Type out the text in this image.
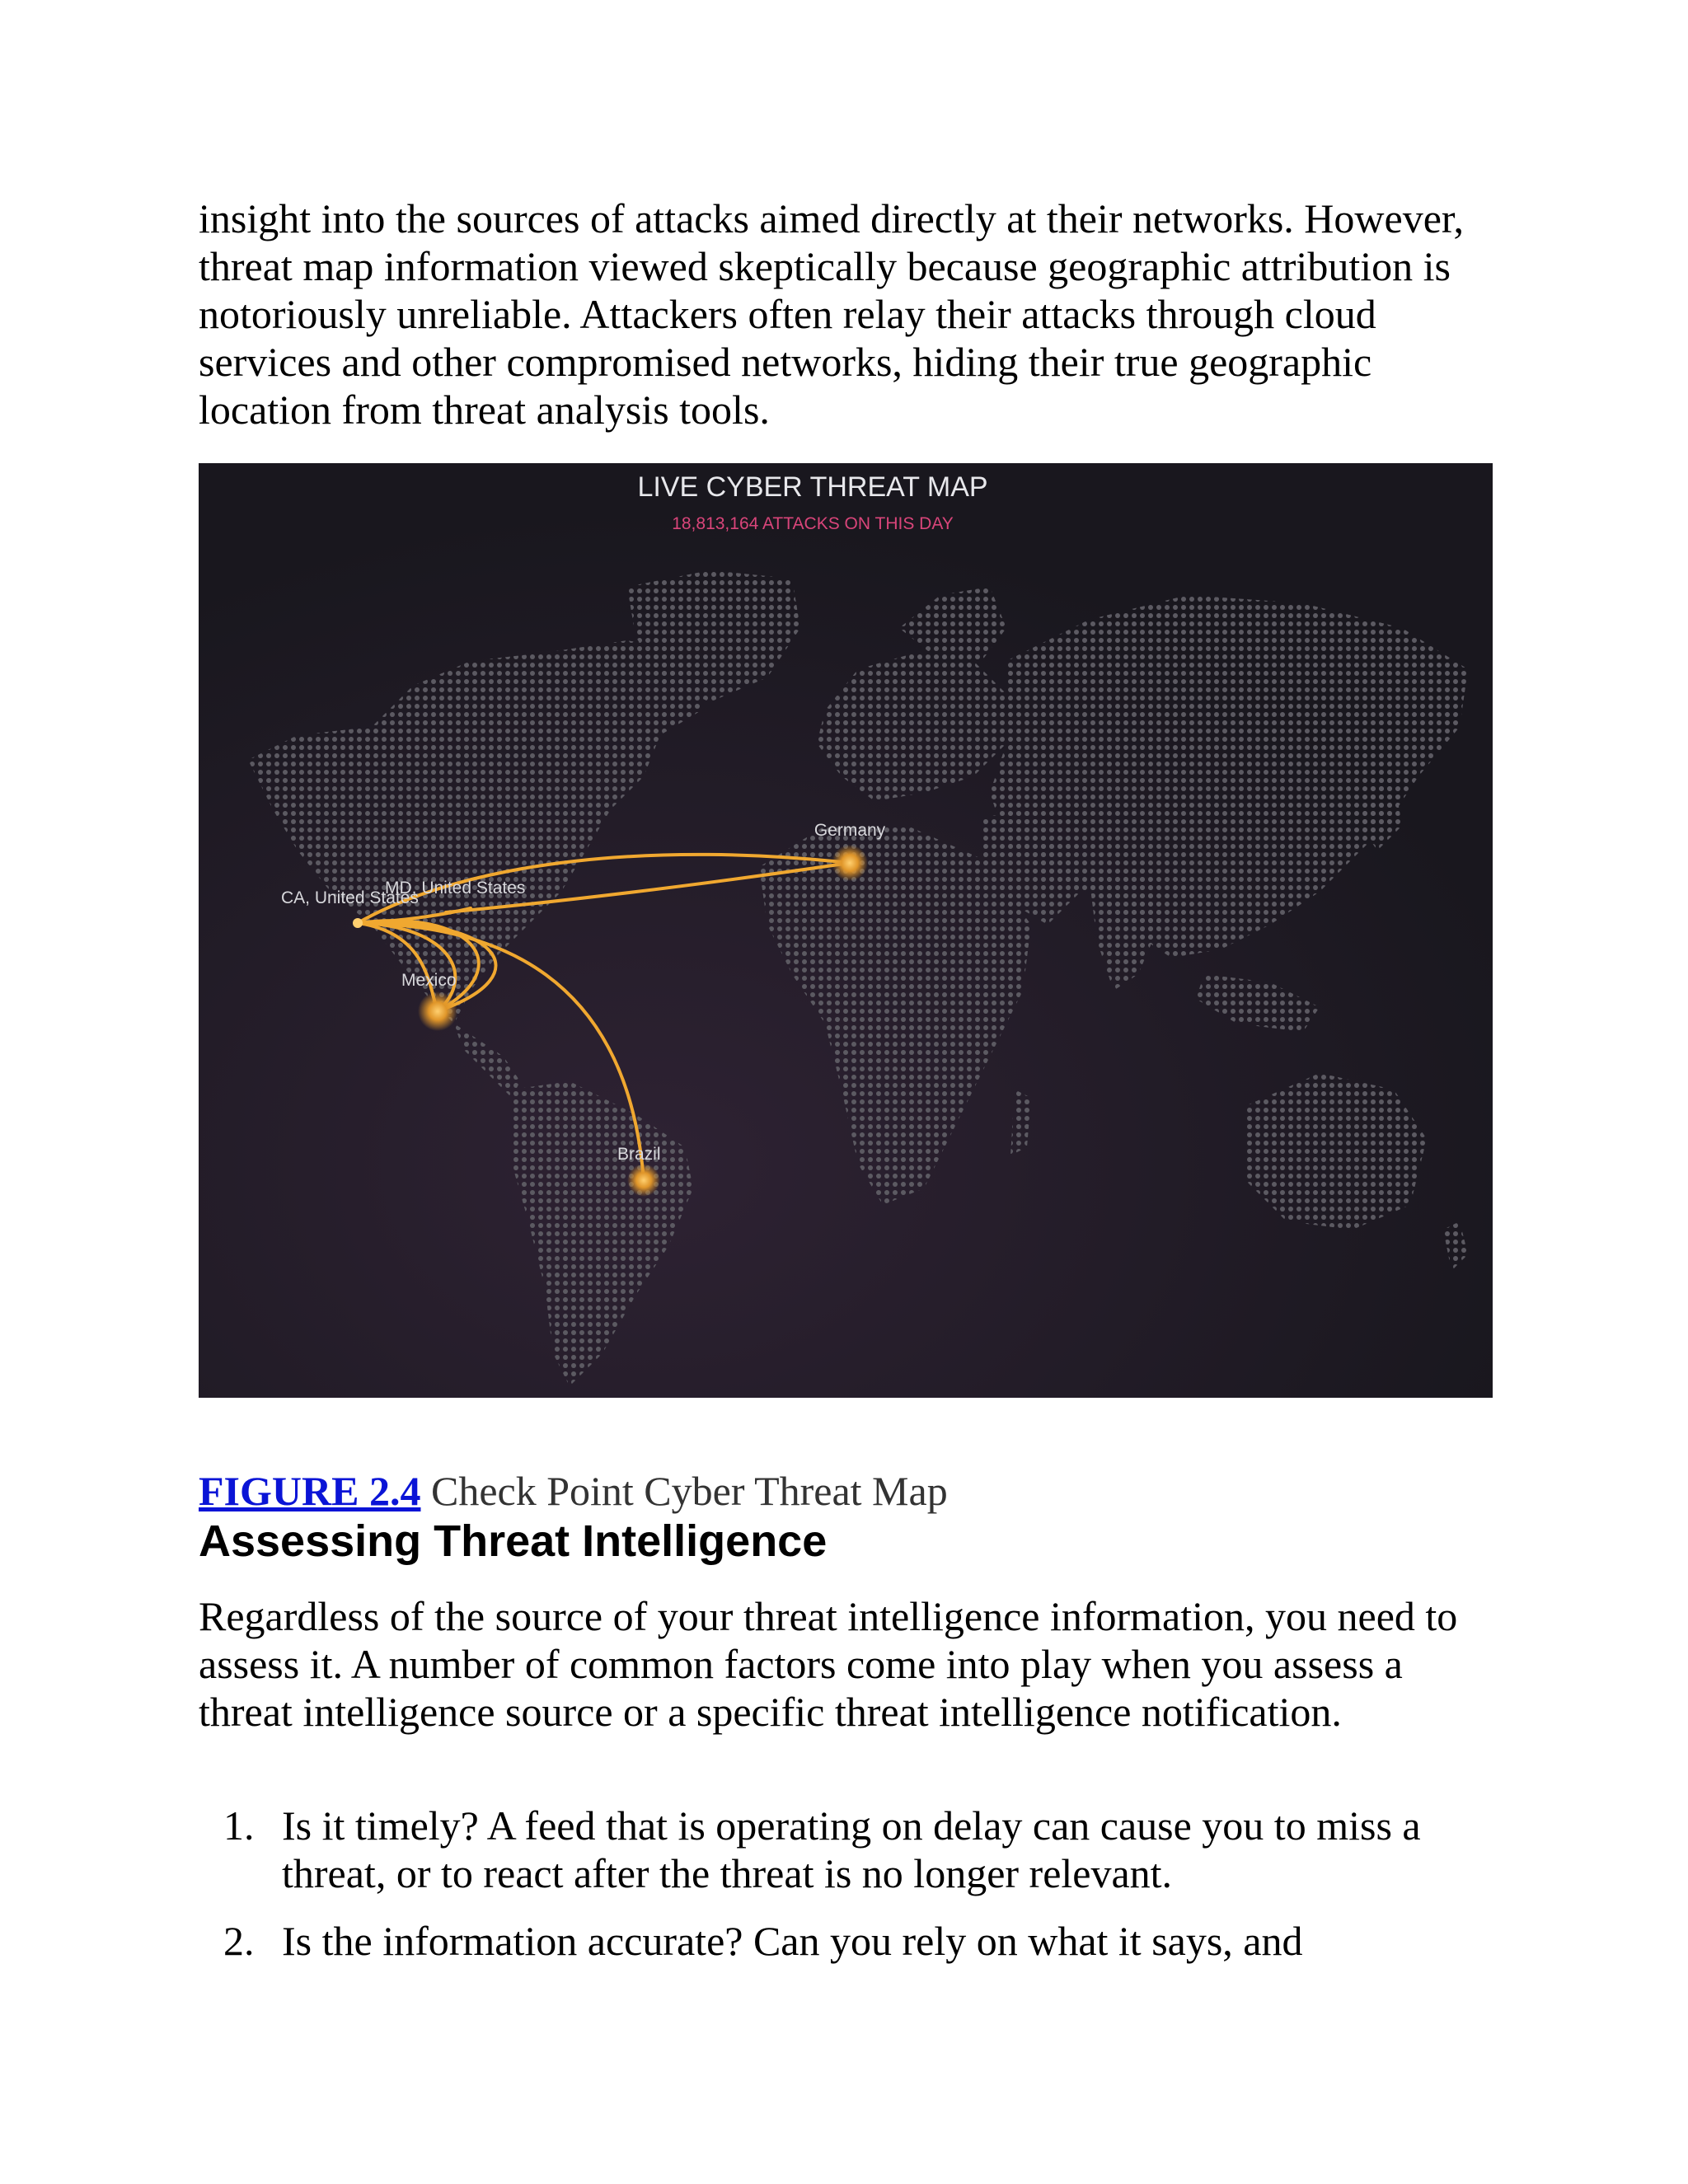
insight into the sources of attacks aimed directly at their networks. However, threat map information viewed skeptically because geographic attribution is notoriously unreliable. Attackers often relay their attacks through cloud services and other compromised networks, hiding their true geographic location from threat analysis tools.

LIVE CYBER THREAT MAP
18,813,164 ATTACKS ON THIS DAY
Germany
CA, United States
MD, United States
Mexico
Brazil

FIGURE 2.4 Check Point Cyber Threat Map

Assessing Threat Intelligence

Regardless of the source of your threat intelligence information, you need to assess it. A number of common factors come into play when you assess a threat intelligence source or a specific threat intelligence notification.

1. Is it timely? A feed that is operating on delay can cause you to miss a threat, or to react after the threat is no longer relevant.
2. Is the information accurate? Can you rely on what it says, and
